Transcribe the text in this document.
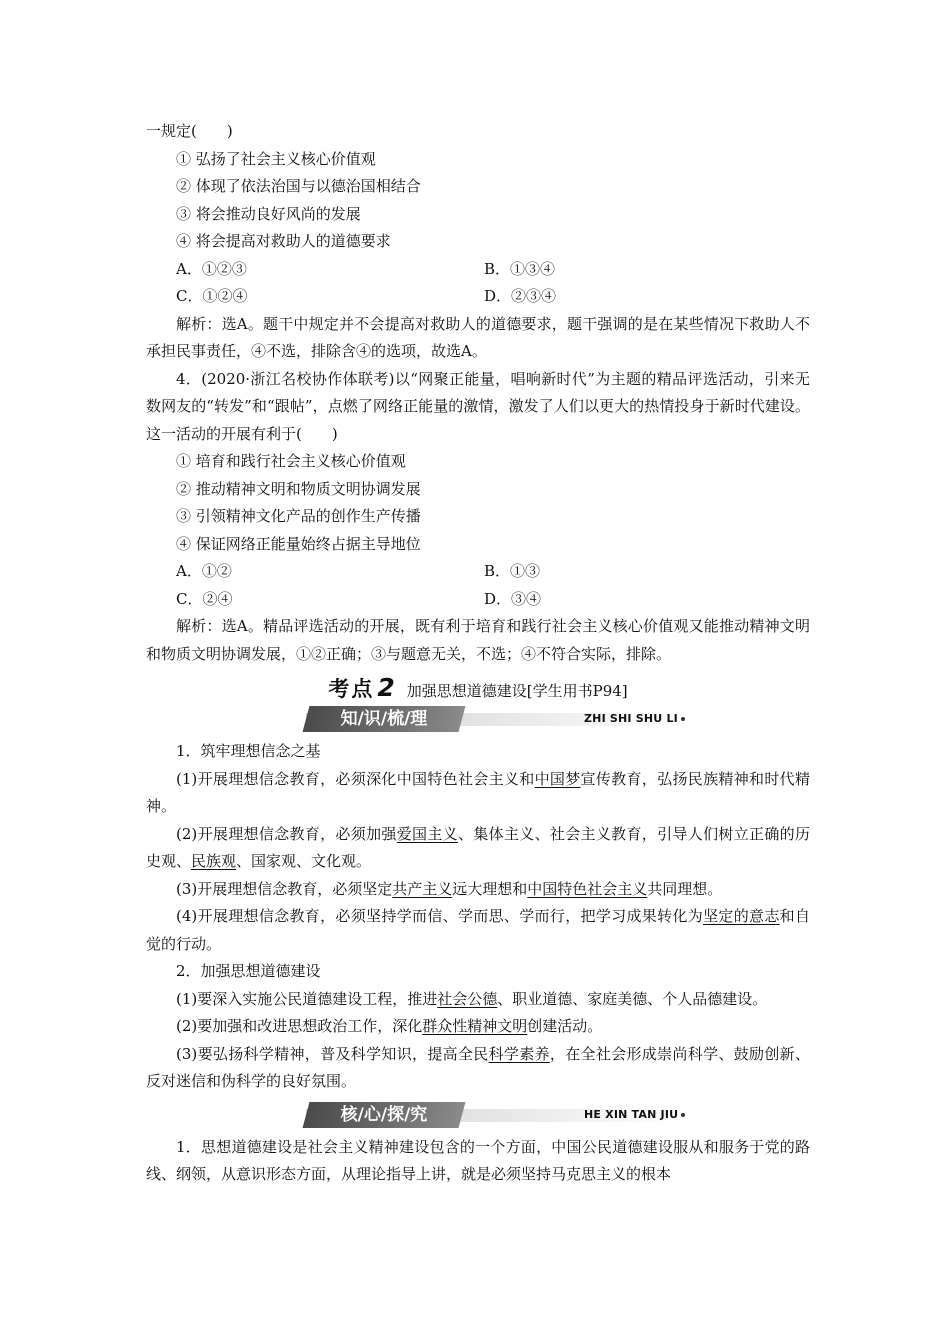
一规定(　　)
① 弘扬了社会主义核心价值观
② 体现了依法治国与以德治国相结合
③ 将会推动良好风尚的发展
④ 将会提高对救助人的道德要求
A．①②③	B．①③④
C．①②④	D．②③④
解析：选A。题干中规定并不会提高对救助人的道德要求，题干强调的是在某些情况下救助人不承担民事责任，④不选，排除含④的选项，故选A。
4．(2020·浙江名校协作体联考)以“网聚正能量，唱响新时代”为主题的精品评选活动，引来无数网友的“转发”和“跟帖”，点燃了网络正能量的激情，激发了人们以更大的热情投身于新时代建设。这一活动的开展有利于(　　)
① 培育和践行社会主义核心价值观
② 推动精神文明和物质文明协调发展
③ 引领精神文化产品的创作生产传播
④ 保证网络正能量始终占据主导地位
A．①②	B．①③
C．②④	D．③④
解析：选A。精品评选活动的开展，既有利于培育和践行社会主义核心价值观又能推动精神文明和物质文明协调发展，①②正确；③与题意无关，不选；④不符合实际，排除。
考点 2 加强思想道德建设[学生用书P94]
知/识/梳/理	ZHI SHI SHU LI
1．筑牢理想信念之基
(1)开展理想信念教育，必须深化中国特色社会主义和中国梦宣传教育，弘扬民族精神和时代精神。
(2)开展理想信念教育，必须加强爱国主义、集体主义、社会主义教育，引导人们树立正确的历史观、民族观、国家观、文化观。
(3)开展理想信念教育，必须坚定共产主义远大理想和中国特色社会主义共同理想。
(4)开展理想信念教育，必须坚持学而信、学而思、学而行，把学习成果转化为坚定的意志和自觉的行动。
2．加强思想道德建设
(1)要深入实施公民道德建设工程，推进社会公德、职业道德、家庭美德、个人品德建设。
(2)要加强和改进思想政治工作，深化群众性精神文明创建活动。
(3)要弘扬科学精神，普及科学知识，提高全民科学素养，在全社会形成崇尚科学、鼓励创新、反对迷信和伪科学的良好氛围。
核/心/探/究	HE XIN TAN JIU
1．思想道德建设是社会主义精神建设包含的一个方面，中国公民道德建设服从和服务于党的路线、纲领，从意识形态方面，从理论指导上讲，就是必须坚持马克思主义的根本
